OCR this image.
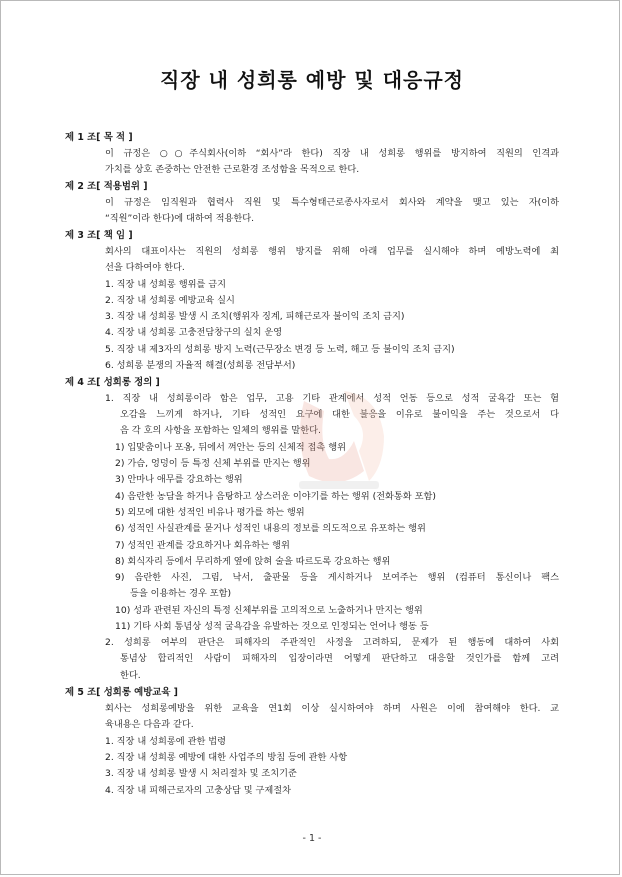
직장 내 성희롱 예방 및 대응규정
제 1 조[ 목 적 ]
이 규정은 ○○주식회사(이하 “회사”라 한다) 직장 내 성희롱 행위를 방지하여 직원의 인격과
가치를 상호 존중하는 안전한 근로환경 조성함을 목적으로 한다.
제 2 조[ 적용범위 ]
이 규정은 임직원과 협력사 직원 및 특수형태근로종사자로서 회사와 계약을 맺고 있는 자(이하
“직원”이라 한다)에 대하여 적용한다.
제 3 조[ 책 임 ]
회사의 대표이사는 직원의 성희롱 행위 방지를 위해 아래 업무를 실시해야 하며 예방노력에 최
선을 다하여야 한다.
1. 직장 내 성희롱 행위를 금지
2. 직장 내 성희롱 예방교육 실시
3. 직장 내 성희롱 발생 시 조치(행위자 징계, 피해근로자 불이익 조치 금지)
4. 직장 내 성희롱 고충전담창구의 실치 운영
5. 직장 내 제3자의 성희롱 방지 노력(근무장소 변경 등 노력, 해고 등 불이익 조치 금지)
6. 성희롱 분쟁의 자율적 해결(성희롱 전담부서)
제 4 조[ 성희롱 정의 ]
1. 직장 내 성희롱이라 함은 업무, 고용 기타 관계에서 성적 언동 등으로 성적 굴욕감 또는 혐
오감을 느끼게 하거나, 기타 성적인 요구에 대한 불응을 이유로 불이익을 주는 것으로서 다
음 각 호의 사항을 포함하는 일체의 행위를 말한다.
1) 입맞춤이나 포옹, 뒤에서 껴안는 등의 신체적 접촉 행위
2) 가슴, 엉덩이 등 특정 신체 부위를 만지는 행위
3) 안마나 애무를 강요하는 행위
4) 음란한 농담을 하거나 음탕하고 상스러운 이야기를 하는 행위 (전화통화 포함)
5) 외모에 대한 성적인 비유나 평가를 하는 행위
6) 성적인 사실관계를 묻거나 성적인 내용의 정보를 의도적으로 유포하는 행위
7) 성적인 관계를 강요하거나 회유하는 행위
8) 회식자리 등에서 무리하게 옆에 앉혀 술을 따르도록 강요하는 행위
9) 음란한 사진, 그림, 낙서, 출판물 등을 게시하거나 보여주는 행위 (컴퓨터 통신이나 팩스
등을 이용하는 경우 포함)
10) 성과 관련된 자신의 특정 신체부위를 고의적으로 노출하거나 만지는 행위
11) 기타 사회 통념상 성적 굴욕감을 유발하는 것으로 인정되는 언어나 행동 등
2. 성희롱 여부의 판단은 피해자의 주관적인 사정을 고려하되, 문제가 된 행동에 대하여 사회
통념상 합리적인 사람이 피해자의 입장이라면 어떻게 판단하고 대응할 것인가를 함께 고려
한다.
제 5 조[ 성희롱 예방교육 ]
회사는 성희롱예방을 위한 교육을 연1회 이상 실시하여야 하며 사원은 이에 참여해야 한다. 교
육내용은 다음과 같다.
1. 직장 내 성희롱에 관한 법령
2. 직장 내 성희롱 예방에 대한 사업주의 방침 등에 관한 사항
3. 직장 내 성희롱 발생 시 처리절차 및 조치기준
4. 직장 내 피해근로자의 고충상담 및 구제절차
- 1 -
